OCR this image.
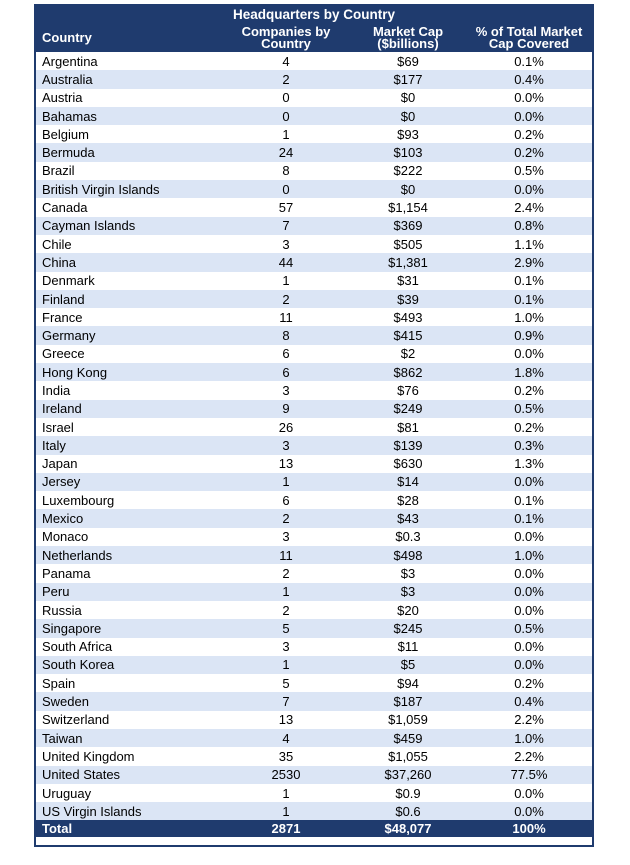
Headquarters by Country			
Country	Companies by Country	Market Cap ($billions)	% of Total Market Cap Covered
Argentina	4	$69	0.1%
Australia	2	$177	0.4%
Austria	0	$0	0.0%
Bahamas	0	$0	0.0%
Belgium	1	$93	0.2%
Bermuda	24	$103	0.2%
Brazil	8	$222	0.5%
British Virgin Islands	0	$0	0.0%
Canada	57	$1,154	2.4%
Cayman Islands	7	$369	0.8%
Chile	3	$505	1.1%
China	44	$1,381	2.9%
Denmark	1	$31	0.1%
Finland	2	$39	0.1%
France	11	$493	1.0%
Germany	8	$415	0.9%
Greece	6	$2	0.0%
Hong Kong	6	$862	1.8%
India	3	$76	0.2%
Ireland	9	$249	0.5%
Israel	26	$81	0.2%
Italy	3	$139	0.3%
Japan	13	$630	1.3%
Jersey	1	$14	0.0%
Luxembourg	6	$28	0.1%
Mexico	2	$43	0.1%
Monaco	3	$0.3	0.0%
Netherlands	11	$498	1.0%
Panama	2	$3	0.0%
Peru	1	$3	0.0%
Russia	2	$20	0.0%
Singapore	5	$245	0.5%
South Africa	3	$11	0.0%
South Korea	1	$5	0.0%
Spain	5	$94	0.2%
Sweden	7	$187	0.4%
Switzerland	13	$1,059	2.2%
Taiwan	4	$459	1.0%
United Kingdom	35	$1,055	2.2%
United States	2530	$37,260	77.5%
Uruguay	1	$0.9	0.0%
US Virgin Islands	1	$0.6	0.0%
Total	2871	$48,077	100%
